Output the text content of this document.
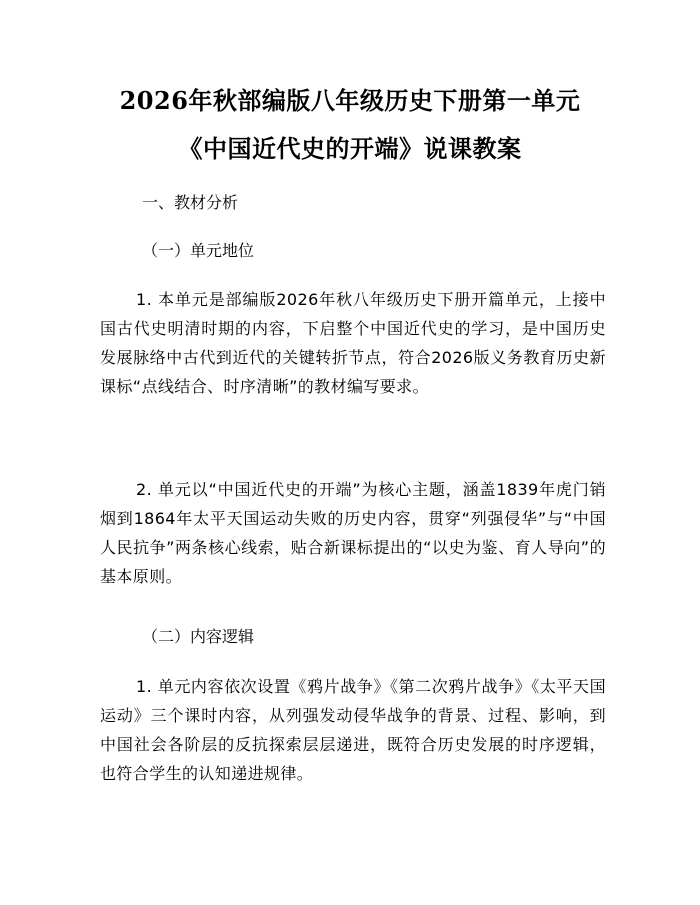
2026年秋部编版八年级历史下册第一单元
《中国近代史的开端》说课教案
一、教材分析
（一）单元地位

1. 本单元是部编版2026年秋八年级历史下册开篇单元，上接中国古代史明清时期的内容，下启整个中国近代史的学习，是中国历史发展脉络中古代到近代的关键转折节点，符合2026版义务教育历史新课标“点线结合、时序清晰”的教材编写要求。

2. 单元以“中国近代史的开端”为核心主题，涵盖1839年虎门销烟到1864年太平天国运动失败的历史内容，贯穿“列强侵华”与“中国人民抗争”两条核心线索，贴合新课标提出的“以史为鉴、育人导向”的基本原则。

（二）内容逻辑

1. 单元内容依次设置《鸦片战争》《第二次鸦片战争》《太平天国运动》三个课时内容，从列强发动侵华战争的背景、过程、影响，到中国社会各阶层的反抗探索层层递进，既符合历史发展的时序逻辑，也符合学生的认知递进规律。
